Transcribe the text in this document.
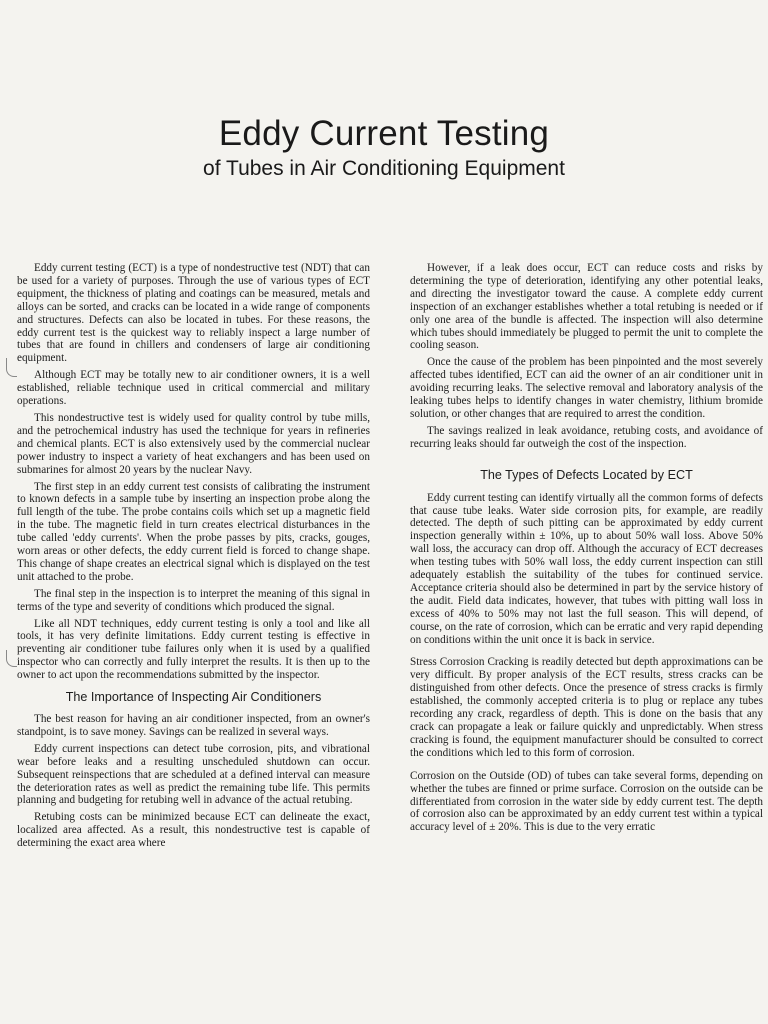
Eddy Current Testing
of Tubes in Air Conditioning Equipment

Eddy current testing (ECT) is a type of nondestructive test (NDT) that can be used for a variety of purposes. Through the use of various types of ECT equipment, the thickness of plating and coatings can be measured, metals and alloys can be sorted, and cracks can be located in a wide range of components and structures. Defects can also be located in tubes. For these reasons, the eddy current test is the quickest way to reliably inspect a large number of tubes that are found in chillers and condensers of large air conditioning equipment.

Although ECT may be totally new to air conditioner owners, it is a well established, reliable technique used in critical commercial and military operations.

This nondestructive test is widely used for quality control by tube mills, and the petrochemical industry has used the technique for years in refineries and chemical plants. ECT is also extensively used by the commercial nuclear power industry to inspect a variety of heat exchangers and has been used on submarines for almost 20 years by the nuclear Navy.

The first step in an eddy current test consists of calibrating the instrument to known defects in a sample tube by inserting an inspection probe along the full length of the tube. The probe contains coils which set up a magnetic field in the tube. The magnetic field in turn creates electrical disturbances in the tube called 'eddy currents'. When the probe passes by pits, cracks, gouges, worn areas or other defects, the eddy current field is forced to change shape. This change of shape creates an electrical signal which is displayed on the test unit attached to the probe.

The final step in the inspection is to interpret the meaning of this signal in terms of the type and severity of conditions which produced the signal.

Like all NDT techniques, eddy current testing is only a tool and like all tools, it has very definite limitations. Eddy current testing is effective in preventing air conditioner tube failures only when it is used by a qualified inspector who can correctly and fully interpret the results. It is then up to the owner to act upon the recommendations submitted by the inspector.

The Importance of Inspecting Air Conditioners

The best reason for having an air conditioner inspected, from an owner's standpoint, is to save money. Savings can be realized in several ways.

Eddy current inspections can detect tube corrosion, pits, and vibrational wear before leaks and a resulting unscheduled shutdown can occur. Subsequent reinspections that are scheduled at a defined interval can measure the deterioration rates as well as predict the remaining tube life. This permits planning and budgeting for retubing well in advance of the actual retubing.

Retubing costs can be minimized because ECT can delineate the exact, localized area affected. As a result, this nondestructive test is capable of determining the exact area where

However, if a leak does occur, ECT can reduce costs and risks by determining the type of deterioration, identifying any other potential leaks, and directing the investigator toward the cause. A complete eddy current inspection of an exchanger establishes whether a total retubing is needed or if only one area of the bundle is affected. The inspection will also determine which tubes should immediately be plugged to permit the unit to complete the cooling season.

Once the cause of the problem has been pinpointed and the most severely affected tubes identified, ECT can aid the owner of an air conditioner unit in avoiding recurring leaks. The selective removal and laboratory analysis of the leaking tubes helps to identify changes in water chemistry, lithium bromide solution, or other changes that are required to arrest the condition.

The savings realized in leak avoidance, retubing costs, and avoidance of recurring leaks should far outweigh the cost of the inspection.

The Types of Defects Located by ECT

Eddy current testing can identify virtually all the common forms of defects that cause tube leaks. Water side corrosion pits, for example, are readily detected. The depth of such pitting can be approximated by eddy current inspection generally within ± 10%, up to about 50% wall loss. Above 50% wall loss, the accuracy can drop off. Although the accuracy of ECT decreases when testing tubes with 50% wall loss, the eddy current inspection can still adequately establish the suitability of the tubes for continued service. Acceptance criteria should also be determined in part by the service history of the audit. Field data indicates, however, that tubes with pitting wall loss in excess of 40% to 50% may not last the full season. This will depend, of course, on the rate of corrosion, which can be erratic and very rapid depending on conditions within the unit once it is back in service.

Stress Corrosion Cracking is readily detected but depth approximations can be very difficult. By proper analysis of the ECT results, stress cracks can be distinguished from other defects. Once the presence of stress cracks is firmly established, the commonly accepted criteria is to plug or replace any tubes recording any crack, regardless of depth. This is done on the basis that any crack can propagate a leak or failure quickly and unpredictably. When stress cracking is found, the equipment manufacturer should be consulted to correct the conditions which led to this form of corrosion.

Corrosion on the Outside (OD) of tubes can take several forms, depending on whether the tubes are finned or prime surface. Corrosion on the outside can be differentiated from corrosion in the water side by eddy current test. The depth of corrosion also can be approximated by an eddy current test within a typical accuracy level of ± 20%. This is due to the very erratic
